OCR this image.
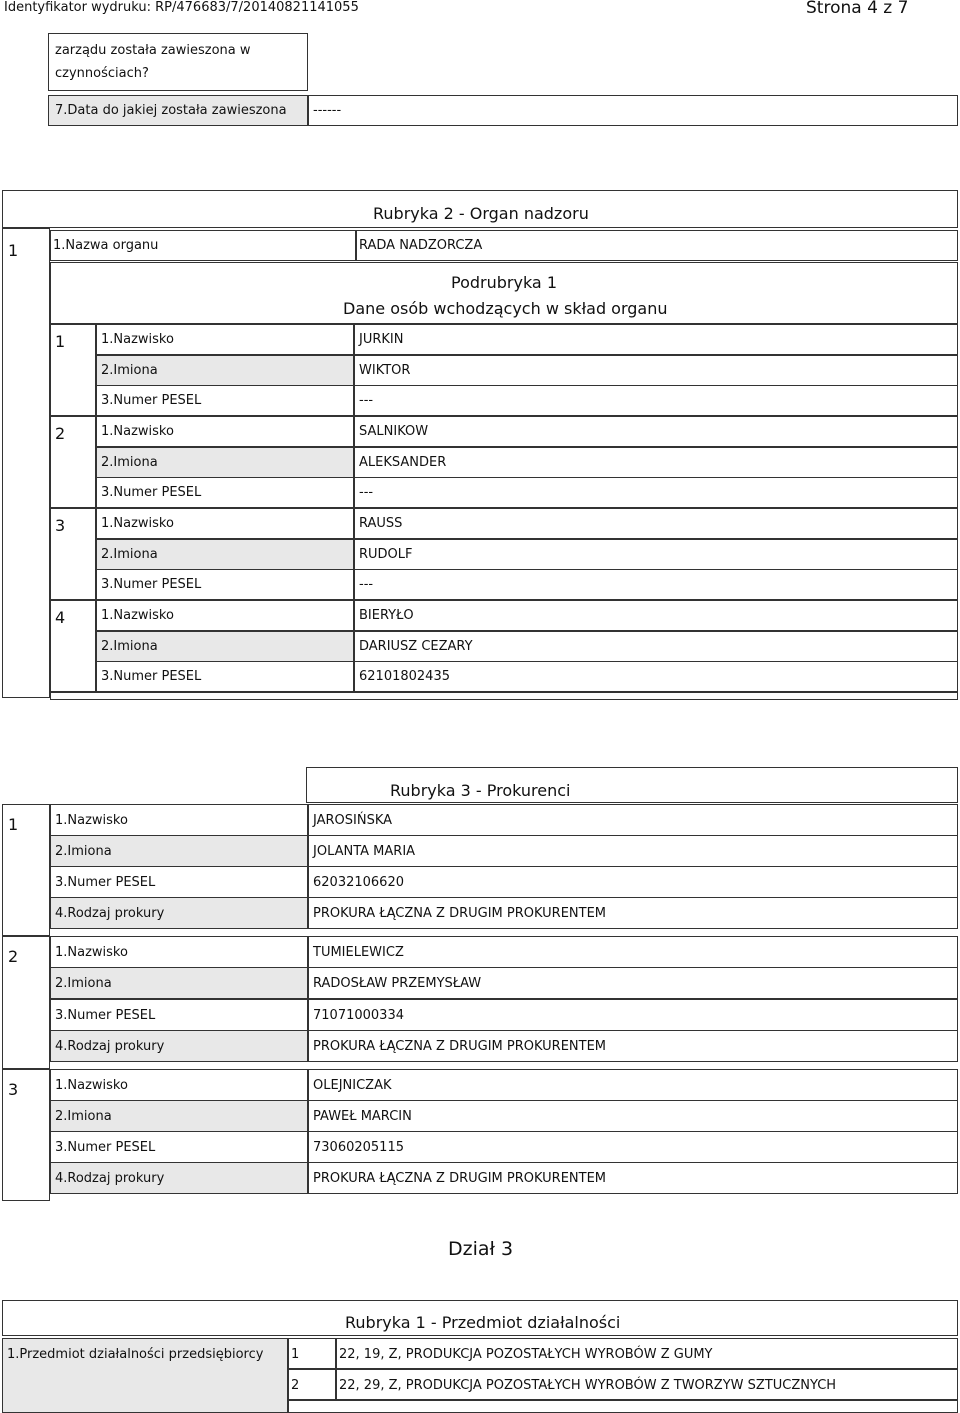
Identyfikator wydruku: RP/476683/7/20140821141055	Strona 4 z 7
zarządu została zawieszona w
czynnościach?
7.Data do jakiej została zawieszona ------
Rubryka 2 - Organ nadzoru
1	1.Nazwa organu	RADA NADZORCZA
Podrubryka 1
Dane osób wchodzących w skład organu
1	1.Nazwisko	JURKIN
2.Imiona	WIKTOR
3.Numer PESEL	---
2	1.Nazwisko	SALNIKOW
2.Imiona	ALEKSANDER
3.Numer PESEL	---
3	1.Nazwisko	RAUSS
2.Imiona	RUDOLF
3.Numer PESEL	---
4	1.Nazwisko	BIERYŁO
2.Imiona	DARIUSZ CEZARY
3.Numer PESEL	62101802435
Rubryka 3 - Prokurenci
1	1.Nazwisko	JAROSIŃSKA
2.Imiona	JOLANTA MARIA
3.Numer PESEL	62032106620
4.Rodzaj prokury	PROKURA ŁĄCZNA Z DRUGIM PROKURENTEM
2	1.Nazwisko	TUMIELEWICZ
2.Imiona	RADOSŁAW PRZEMYSŁAW
3.Numer PESEL	71071000334
4.Rodzaj prokury	PROKURA ŁĄCZNA Z DRUGIM PROKURENTEM
3	1.Nazwisko	OLEJNICZAK
2.Imiona	PAWEŁ MARCIN
3.Numer PESEL	73060205115
4.Rodzaj prokury	PROKURA ŁĄCZNA Z DRUGIM PROKURENTEM
Dział 3
Rubryka 1 - Przedmiot działalności
1.Przedmiot działalności przedsiębiorcy 1	22, 19, Z, PRODUKCJA POZOSTAŁYCH WYROBÓW Z GUMY
2	22, 29, Z, PRODUKCJA POZOSTAŁYCH WYROBÓW Z TWORZYW SZTUCZNYCH
